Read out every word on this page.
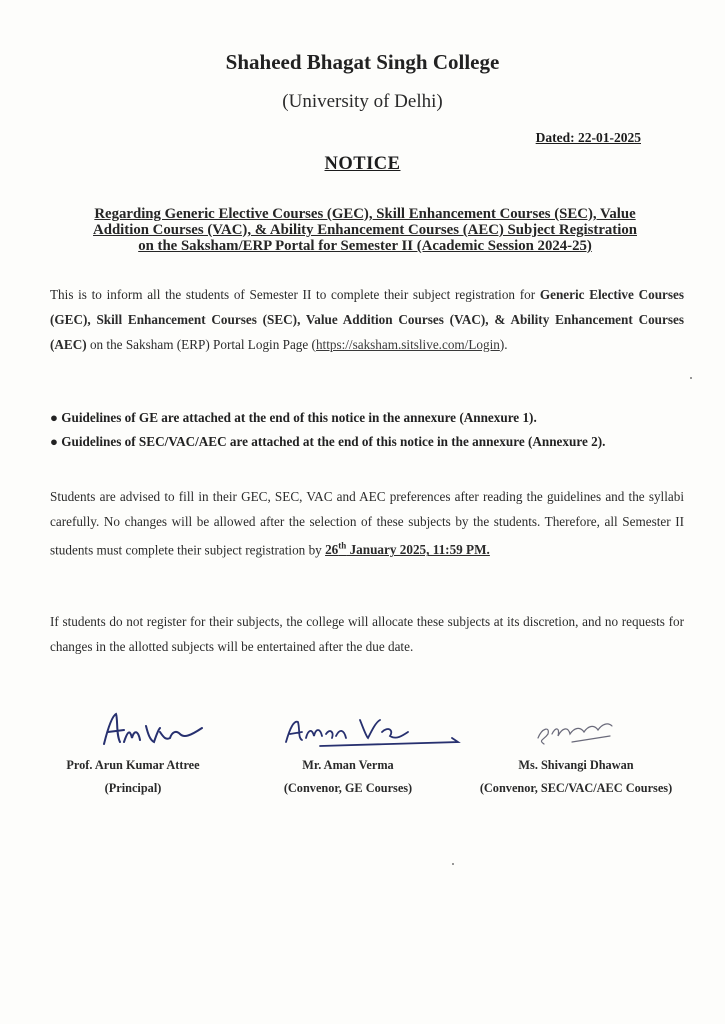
Shaheed Bhagat Singh College
(University of Delhi)
Dated: 22-01-2025
NOTICE
Regarding Generic Elective Courses (GEC), Skill Enhancement Courses (SEC), Value
Addition Courses (VAC), & Ability Enhancement Courses (AEC) Subject Registration
on the Saksham/ERP Portal for Semester II (Academic Session 2024-25)
This is to inform all the students of Semester II to complete their subject registration for Generic Elective Courses (GEC), Skill Enhancement Courses (SEC), Value Addition Courses (VAC), & Ability Enhancement Courses (AEC) on the Saksham (ERP) Portal Login Page (https://saksham.sitslive.com/Login).
● Guidelines of GE are attached at the end of this notice in the annexure (Annexure 1).
● Guidelines of SEC/VAC/AEC are attached at the end of this notice in the annexure (Annexure 2).
Students are advised to fill in their GEC, SEC, VAC and AEC preferences after reading the guidelines and the syllabi carefully. No changes will be allowed after the selection of these subjects by the students. Therefore, all Semester II students must complete their subject registration by 26th January 2025, 11:59 PM.
If students do not register for their subjects, the college will allocate these subjects at its discretion, and no requests for changes in the allotted subjects will be entertained after the due date.
Prof. Arun Kumar Attree
(Principal)
Mr. Aman Verma
(Convenor, GE Courses)
Ms. Shivangi Dhawan
(Convenor, SEC/VAC/AEC Courses)
